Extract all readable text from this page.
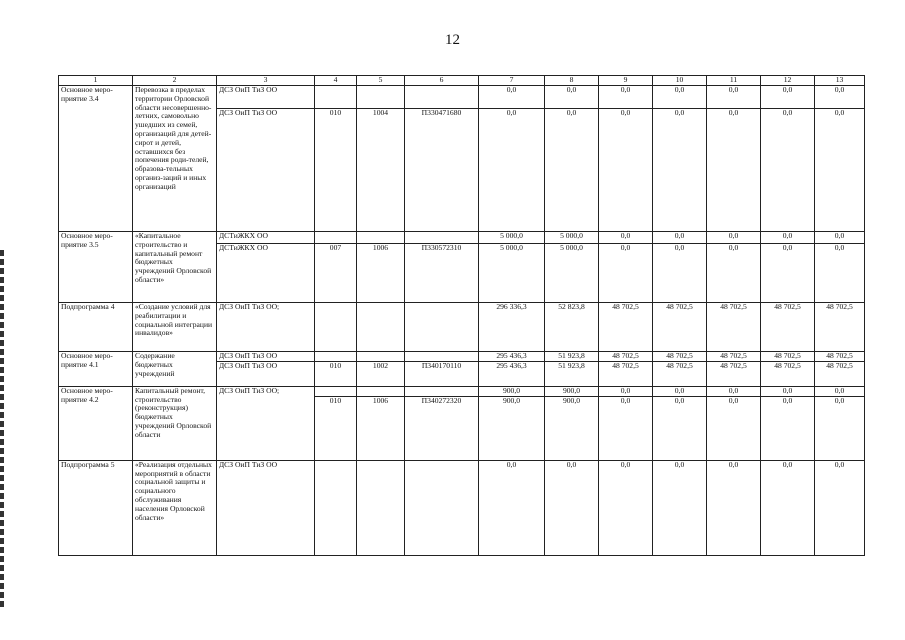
12
1	2	3	4	5	6	7	8	9	10	11	12	13
Основное меро-приятие 3.4	Перевозка в пределах территории Орловской области несовершенно-летних, самовольно ушедших из семей, организаций для детей-сирот и детей, оставшихся без попечения роди-телей, образова-тельных организ-заций и иных организаций	ДСЗ ОиП ТиЗ ОО				0,0	0,0	0,0	0,0	0,0	0,0	0,0
		ДСЗ ОиП ТиЗ ОО	010	1004	П330471680	0,0	0,0	0,0	0,0	0,0	0,0	0,0
Основное меро-приятие 3.5	«Капитальное строительство и капитальный ремонт бюджетных учреждений Орловской области»	ДСТиЖКХ ОО				5 000,0	5 000,0	0,0	0,0	0,0	0,0	0,0
		ДСТиЖКХ ОО	007	1006	П330572310	5 000,0	5 000,0	0,0	0,0	0,0	0,0	0,0
Подпрограмма 4	«Создание условий для реабилитации и социальной интеграции инвалидов»	ДСЗ ОиП ТиЗ ОО;				296 336,3	52 823,8	48 702,5	48 702,5	48 702,5	48 702,5	48 702,5
Основное меро-приятие 4.1	Содержание бюджетных учреждений	ДСЗ ОиП ТиЗ ОО				295 436,3	51 923,8	48 702,5	48 702,5	48 702,5	48 702,5	48 702,5
		ДСЗ ОиП ТиЗ ОО	010	1002	П340170110	295 436,3	51 923,8	48 702,5	48 702,5	48 702,5	48 702,5	48 702,5
Основное меро-приятие 4.2	Капитальный ремонт, строительство (реконструкция) бюджетных учреждений Орловской области	ДСЗ ОиП ТиЗ ОО;				900,0	900,0	0,0	0,0	0,0	0,0	0,0
			010	1006	П340272320	900,0	900,0	0,0	0,0	0,0	0,0	0,0
Подпрограмма 5	«Реализация отдельных мероприятий в области социальной защиты и социального обслуживания населения Орловской области»	ДСЗ ОиП ТиЗ ОО				0,0	0,0	0,0	0,0	0,0	0,0	0,0
